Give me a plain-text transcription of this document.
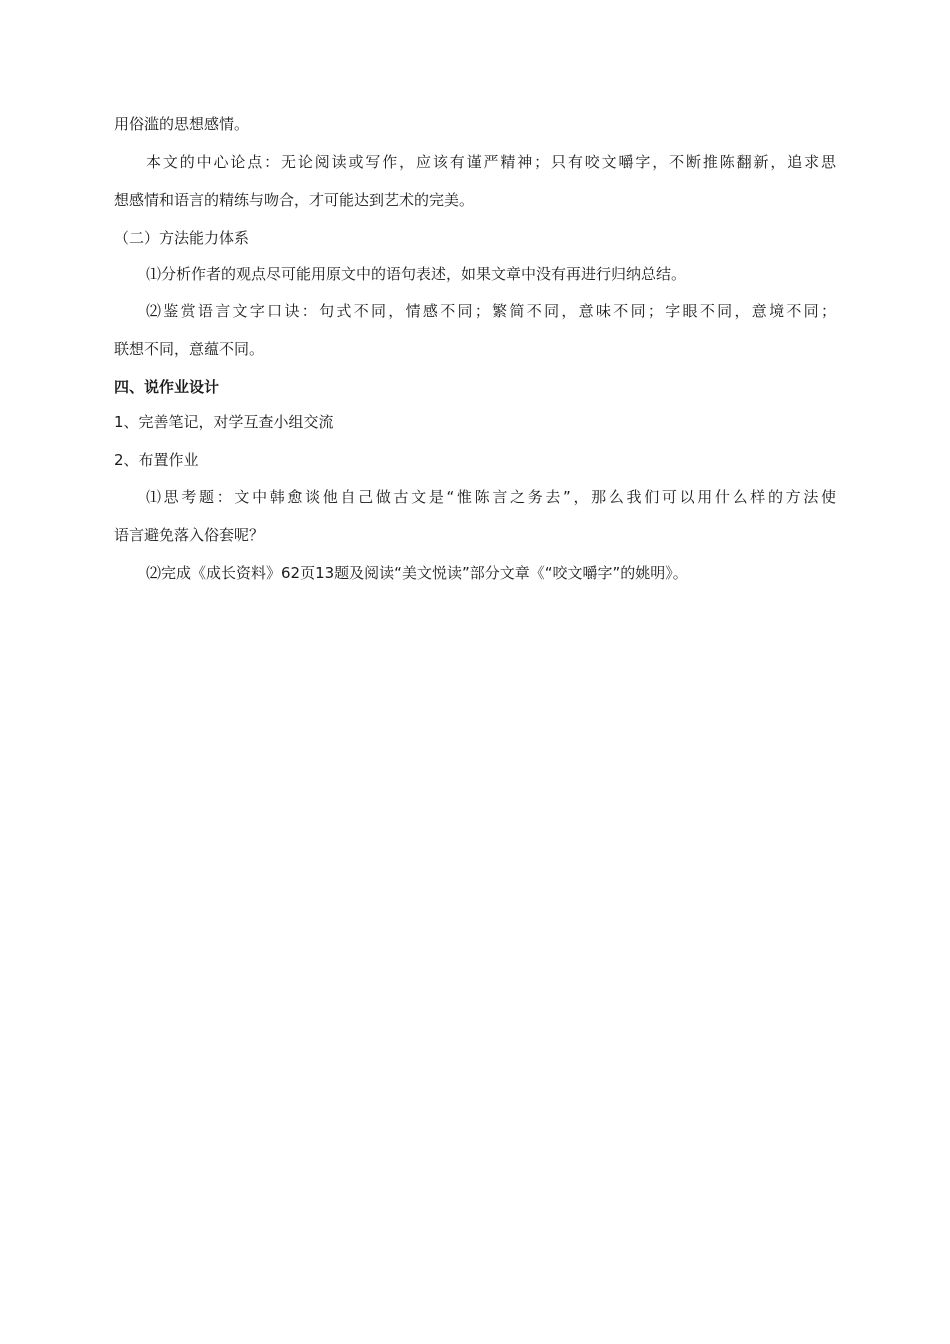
用俗滥的思想感情。
本文的中心论点：无论阅读或写作，应该有谨严精神；只有咬文嚼字，不断推陈翻新，追求思
想感情和语言的精练与吻合，才可能达到艺术的完美。
（二）方法能力体系
⑴分析作者的观点尽可能用原文中的语句表述，如果文章中没有再进行归纳总结。
⑵鉴赏语言文字口诀：句式不同，情感不同；繁简不同，意味不同；字眼不同，意境不同；
联想不同，意蕴不同。
四、说作业设计
1、完善笔记，对学互查小组交流
2、布置作业
⑴思考题：文中韩愈谈他自己做古文是“惟陈言之务去”，那么我们可以用什么样的方法使
语言避免落入俗套呢？
⑵完成《成长资料》62页13题及阅读“美文悦读”部分文章《“咬文嚼字”的姚明》。
